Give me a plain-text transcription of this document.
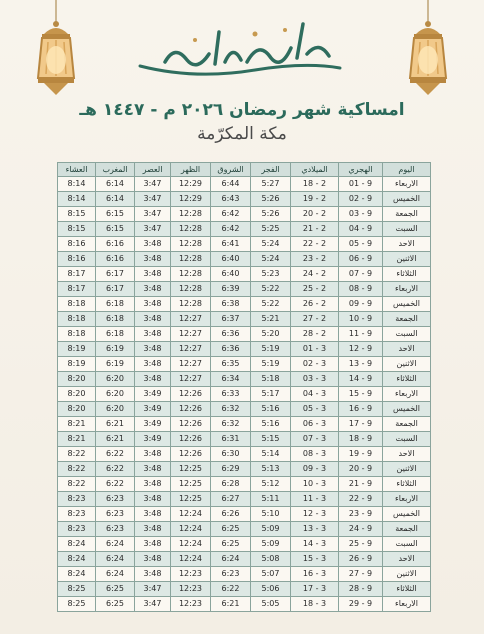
امساكية شهر رمضان ٢٠٢٦ م - ١٤٤٧ هـ
مكة المكرّمة
اليوم	الهجري	الميلادي	الفجر	الشروق	الظهر	العصر	المغرب	العشاء
الاربعاء	01 - 9	18 - 2	5:27	6:44	12:29	3:47	6:14	8:14
الخميس	02 - 9	19 - 2	5:26	6:43	12:29	3:47	6:14	8:14
الجمعة	03 - 9	20 - 2	5:26	6:42	12:28	3:47	6:15	8:15
السبت	04 - 9	21 - 2	5:25	6:42	12:28	3:47	6:15	8:15
الاحد	05 - 9	22 - 2	5:24	6:41	12:28	3:48	6:16	8:16
الاثنين	06 - 9	23 - 2	5:24	6:40	12:28	3:48	6:16	8:16
الثلاثاء	07 - 9	24 - 2	5:23	6:40	12:28	3:48	6:17	8:17
الاربعاء	08 - 9	25 - 2	5:22	6:39	12:28	3:48	6:17	8:17
الخميس	09 - 9	26 - 2	5:22	6:38	12:28	3:48	6:18	8:18
الجمعة	10 - 9	27 - 2	5:21	6:37	12:27	3:48	6:18	8:18
السبت	11 - 9	28 - 2	5:20	6:36	12:27	3:48	6:18	8:18
الاحد	12 - 9	01 - 3	5:19	6:36	12:27	3:48	6:19	8:19
الاثنين	13 - 9	02 - 3	5:19	6:35	12:27	3:48	6:19	8:19
الثلاثاء	14 - 9	03 - 3	5:18	6:34	12:27	3:48	6:20	8:20
الاربعاء	15 - 9	04 - 3	5:17	6:33	12:26	3:49	6:20	8:20
الخميس	16 - 9	05 - 3	5:16	6:32	12:26	3:49	6:20	8:20
الجمعة	17 - 9	06 - 3	5:16	6:32	12:26	3:49	6:21	8:21
السبت	18 - 9	07 - 3	5:15	6:31	12:26	3:49	6:21	8:21
الاحد	19 - 9	08 - 3	5:14	6:30	12:26	3:48	6:22	8:22
الاثنين	20 - 9	09 - 3	5:13	6:29	12:25	3:48	6:22	8:22
الثلاثاء	21 - 9	10 - 3	5:12	6:28	12:25	3:48	6:22	8:22
الاربعاء	22 - 9	11 - 3	5:11	6:27	12:25	3:48	6:23	8:23
الخميس	23 - 9	12 - 3	5:10	6:26	12:24	3:48	6:23	8:23
الجمعة	24 - 9	13 - 3	5:09	6:25	12:24	3:48	6:23	8:23
السبت	25 - 9	14 - 3	5:09	6:25	12:24	3:48	6:24	8:24
الاحد	26 - 9	15 - 3	5:08	6:24	12:24	3:48	6:24	8:24
الاثنين	27 - 9	16 - 3	5:07	6:23	12:23	3:48	6:24	8:24
الثلاثاء	28 - 9	17 - 3	5:06	6:22	12:23	3:47	6:25	8:25
الاربعاء	29 - 9	18 - 3	5:05	6:21	12:23	3:47	6:25	8:25
